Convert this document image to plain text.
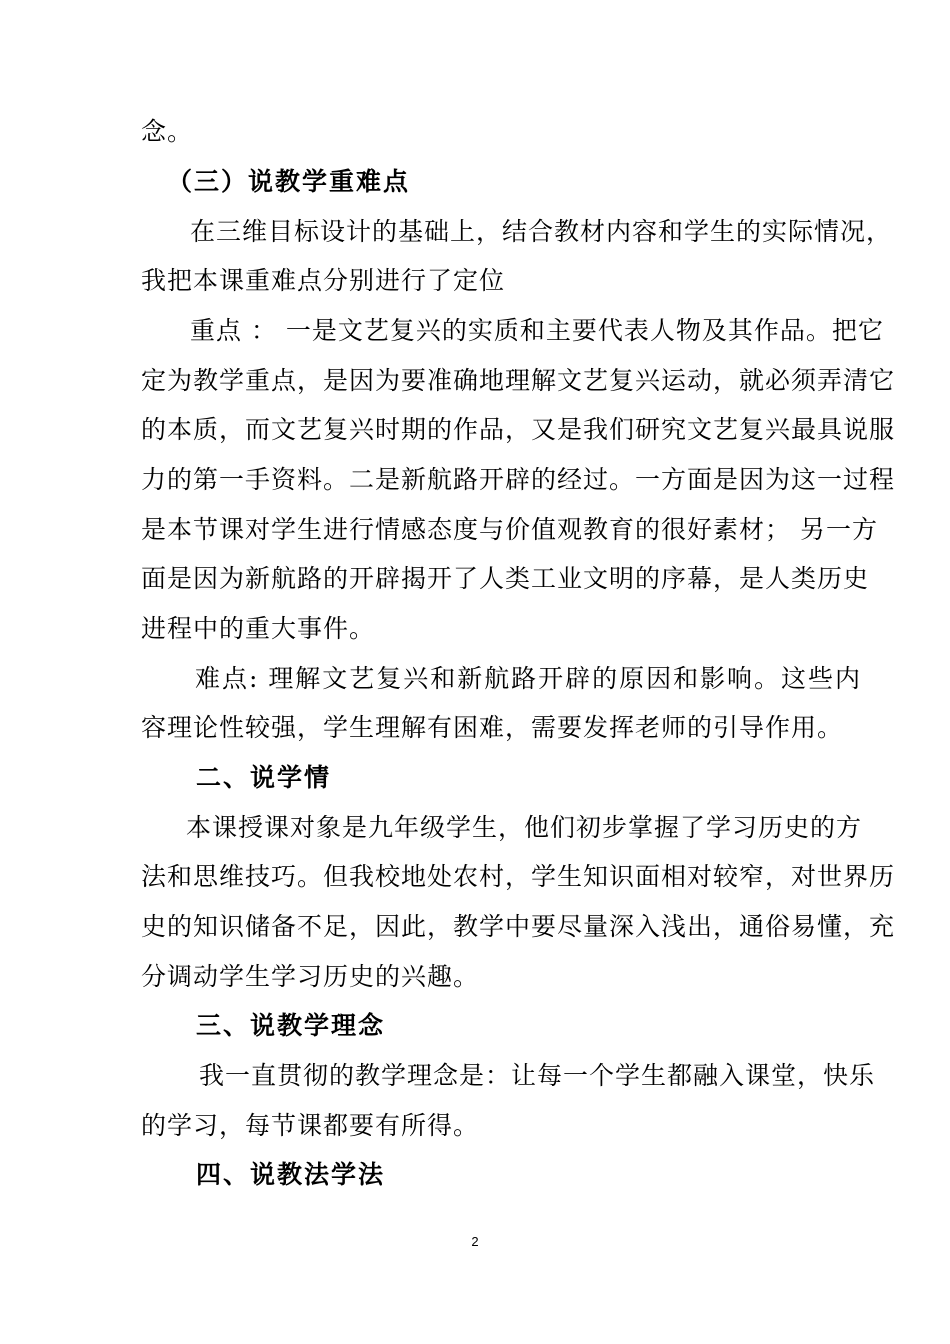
念。
（三）说教学重难点
在三维目标设计的基础上，结合教材内容和学生的实际情况，
我把本课重难点分别进行了定位
重点 ： 一是文艺复兴的实质和主要代表人物及其作品。把它
定为教学重点，是因为要准确地理解文艺复兴运动，就必须弄清它
的本质，而文艺复兴时期的作品，又是我们研究文艺复兴最具说服
力的第一手资料。二是新航路开辟的经过。一方面是因为这一过程
是本节课对学生进行情感态度与价值观教育的很好素材； 另一方
面是因为新航路的开辟揭开了人类工业文明的序幕，是人类历史
进程中的重大事件。
难点: 理解文艺复兴和新航路开辟的原因和影响。这些内
容理论性较强，学生理解有困难，需要发挥老师的引导作用。
二、说学情
本课授课对象是九年级学生，他们初步掌握了学习历史的方
法和思维技巧。但我校地处农村，学生知识面相对较窄，对世界历
史的知识储备不足，因此，教学中要尽量深入浅出，通俗易懂，充
分调动学生学习历史的兴趣。
三、说教学理念
我一直贯彻的教学理念是：让每一个学生都融入课堂，快乐
的学习，每节课都要有所得。
四、说教法学法
2
